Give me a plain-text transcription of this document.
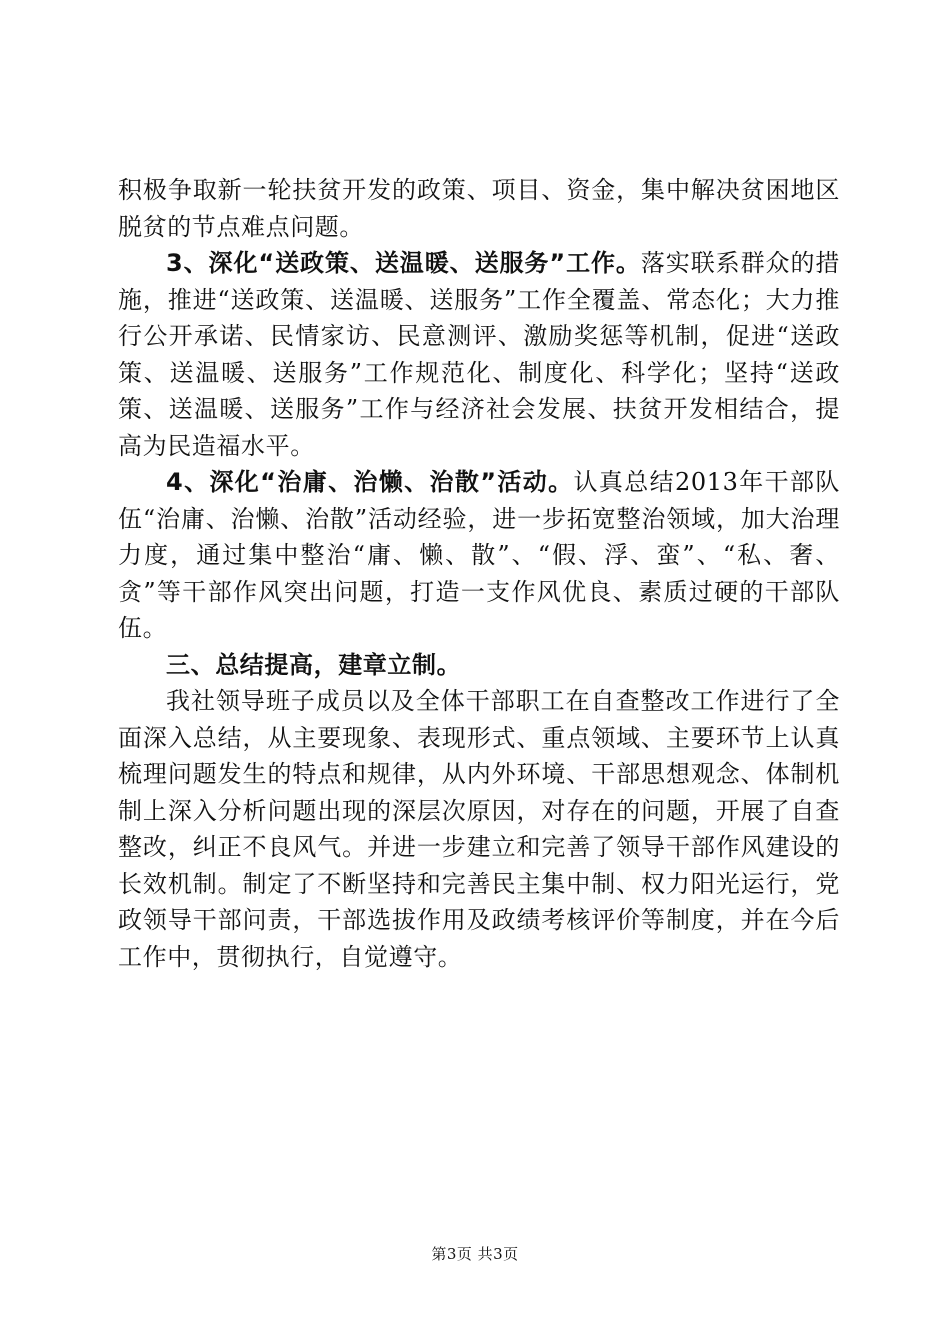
积极争取新一轮扶贫开发的政策、项目、资金，集中解决贫困地区脱贫的节点难点问题。

3、深化“送政策、送温暖、送服务”工作。落实联系群众的措施，推进“送政策、送温暖、送服务”工作全覆盖、常态化；大力推行公开承诺、民情家访、民意测评、激励奖惩等机制，促进“送政策、送温暖、送服务”工作规范化、制度化、科学化；坚持“送政策、送温暖、送服务”工作与经济社会发展、扶贫开发相结合，提高为民造福水平。

4、深化“治庸、治懒、治散”活动。认真总结2013年干部队伍“治庸、治懒、治散”活动经验，进一步拓宽整治领域，加大治理力度，通过集中整治“庸、懒、散”、“假、浮、蛮”、“私、奢、贪”等干部作风突出问题，打造一支作风优良、素质过硬的干部队伍。

三、总结提高，建章立制。

我社领导班子成员以及全体干部职工在自查整改工作进行了全面深入总结，从主要现象、表现形式、重点领域、主要环节上认真梳理问题发生的特点和规律，从内外环境、干部思想观念、体制机制上深入分析问题出现的深层次原因，对存在的问题，开展了自查整改，纠正不良风气。并进一步建立和完善了领导干部作风建设的长效机制。制定了不断坚持和完善民主集中制、权力阳光运行，党政领导干部问责，干部选拔作用及政绩考核评价等制度，并在今后工作中，贯彻执行，自觉遵守。

第3页 共3页
